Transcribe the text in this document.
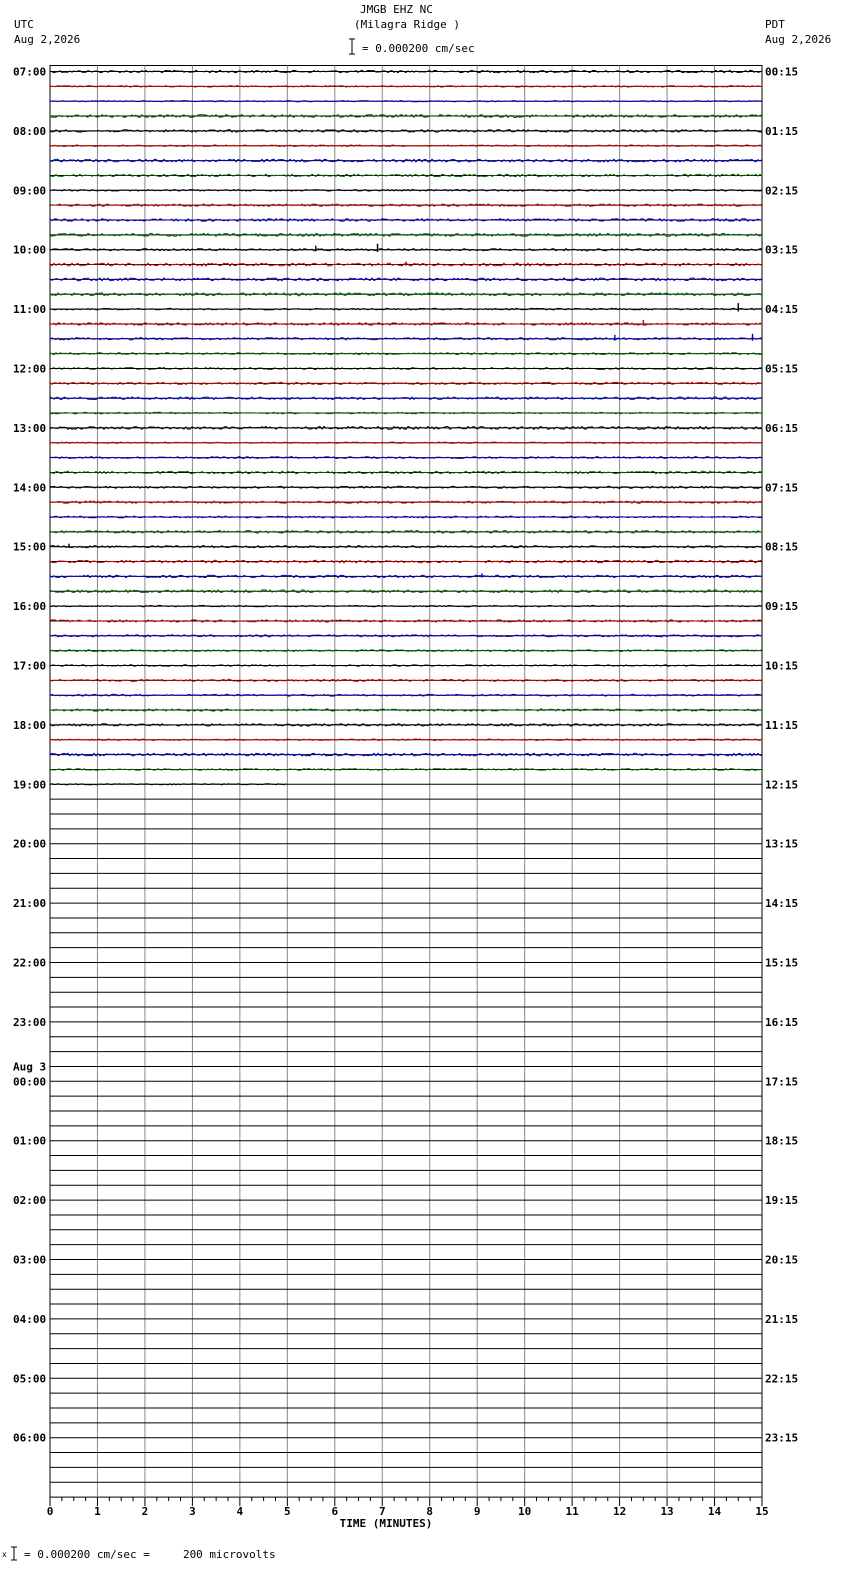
JMGB EHZ NC
(Milagra Ridge )
= 0.000200 cm/sec
UTC
Aug 2,2026
PDT
Aug 2,2026
x = 0.000200 cm/sec =     200 microvolts
07:00
08:00
09:00
10:00
11:00
12:00
13:00
14:00
15:00
16:00
17:00
18:00
19:00
20:00
21:00
22:00
23:00
00:00
Aug 3
01:00
02:00
03:00
04:00
05:00
06:00
00:15
01:15
02:15
03:15
04:15
05:15
06:15
07:15
08:15
09:15
10:15
11:15
12:15
13:15
14:15
15:15
16:15
17:15
18:15
19:15
20:15
21:15
22:15
23:15
0	1	2	3	4	5	6	7	8	9	10	11	12	13	14	15
TIME (MINUTES)
